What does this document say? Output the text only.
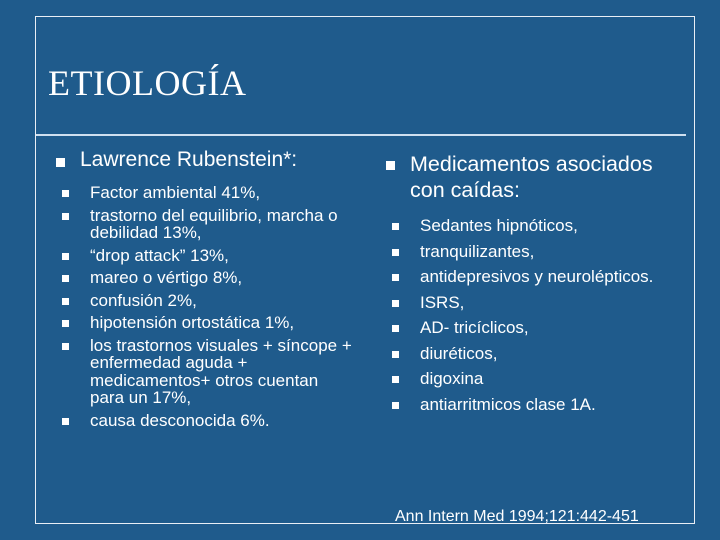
ETIOLOGÍA
Lawrence Rubenstein*:
Factor ambiental 41%,
trastorno del equilibrio, marcha o debilidad 13%,
“drop attack” 13%,
mareo o vértigo 8%,
confusión 2%,
hipotensión ortostática 1%,
los trastornos visuales + síncope + enfermedad aguda + medicamentos+ otros cuentan para un 17%,
causa desconocida 6%.
Medicamentos asociados con caídas:
Sedantes hipnóticos,
tranquilizantes,
antidepresivos y neurolépticos.
ISRS,
AD- tricíclicos,
diuréticos,
digoxina
antiarritmicos clase 1A.
Ann Intern Med 1994;121:442-451
